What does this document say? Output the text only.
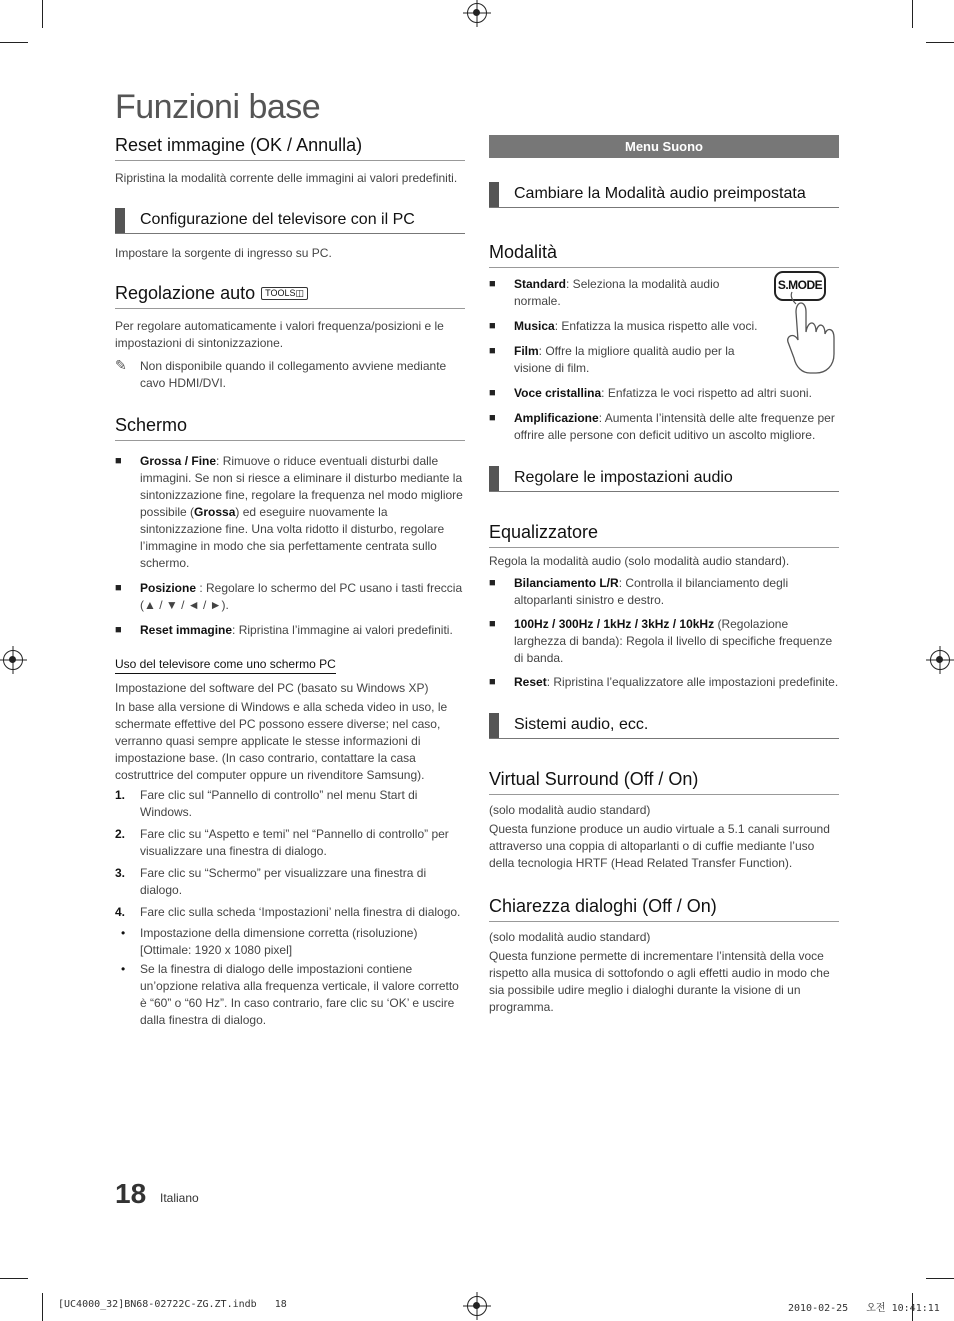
Funzioni base
Reset immagine (OK / Annulla)
Ripristina la modalità corrente delle immagini ai valori predefiniti.
Configurazione del televisore con il PC
Impostare la sorgente di ingresso su PC.
Regolazione auto TOOLS◫
Per regolare automaticamente i valori frequenza/posizioni e le impostazioni di sintonizzazione.
✎ Non disponibile quando il collegamento avviene mediante cavo HDMI/DVI.
Schermo
■ Grossa / Fine: Rimuove o riduce eventuali disturbi dalle immagini. Se non si riesce a eliminare il disturbo mediante la sintonizzazione fine, regolare la frequenza nel modo migliore possibile (Grossa) ed eseguire nuovamente la sintonizzazione fine. Una volta ridotto il disturbo, regolare l’immagine in modo che sia perfettamente centrata sullo schermo.
■ Posizione : Regolare lo schermo del PC usano i tasti freccia (▲ / ▼ / ◄ / ►).
■ Reset immagine: Ripristina l’immagine ai valori predefiniti.
Uso del televisore come uno schermo PC
Impostazione del software del PC (basato su Windows XP)
In base alla versione di Windows e alla scheda video in uso, le schermate effettive del PC possono essere diverse; nel caso, verranno quasi sempre applicate le stesse informazioni di impostazione base. (In caso contrario, contattare la casa costruttrice del computer oppure un rivenditore Samsung).
1. Fare clic sul “Pannello di controllo” nel menu Start di Windows.
2. Fare clic su “Aspetto e temi” nel “Pannello di controllo” per visualizzare una finestra di dialogo.
3. Fare clic su “Schermo” per visualizzare una finestra di dialogo.
4. Fare clic sulla scheda ‘Impostazioni’ nella finestra di dialogo.
• Impostazione della dimensione corretta (risoluzione) [Ottimale: 1920 x 1080 pixel]
• Se la finestra di dialogo delle impostazioni contiene un’opzione relativa alla frequenza verticale, il valore corretto è “60” o “60 Hz”. In caso contrario, fare clic su ‘OK’ e uscire dalla finestra di dialogo.
Menu Suono
Cambiare la Modalità audio preimpostata
Modalità
■ Standard: Seleziona la modalità audio normale.
■ Musica: Enfatizza la musica rispetto alle voci.
■ Film: Offre la migliore qualità audio per la visione di film.
■ Voce cristallina: Enfatizza le voci rispetto ad altri suoni.
■ Amplificazione: Aumenta l’intensità delle alte frequenze per offrire alle persone con deficit uditivo un ascolto migliore.
Regolare le impostazioni audio
Equalizzatore
Regola la modalità audio (solo modalità audio standard).
■ Bilanciamento L/R: Controlla il bilanciamento degli altoparlanti sinistro e destro.
■ 100Hz / 300Hz / 1kHz / 3kHz / 10kHz (Regolazione larghezza di banda): Regola il livello di specifiche frequenze di banda.
■ Reset: Ripristina l’equalizzatore alle impostazioni predefinite.
Sistemi audio, ecc.
Virtual Surround (Off / On)
(solo modalità audio standard)
Questa funzione produce un audio virtuale a 5.1 canali surround attraverso una coppia di altoparlanti o di cuffie mediante l’uso della tecnologia HRTF (Head Related Transfer Function).
Chiarezza dialoghi (Off / On)
(solo modalità audio standard)
Questa funzione permette di incrementare l’intensità della voce rispetto alla musica di sottofondo o agli effetti audio in modo che sia possibile udire meglio i dialoghi durante la visione di un programma.
S.MODE
18 Italiano
[UC4000_32]BN68-02722C-ZG.ZT.indb   18	2010-02-25   오전 10:41:11
